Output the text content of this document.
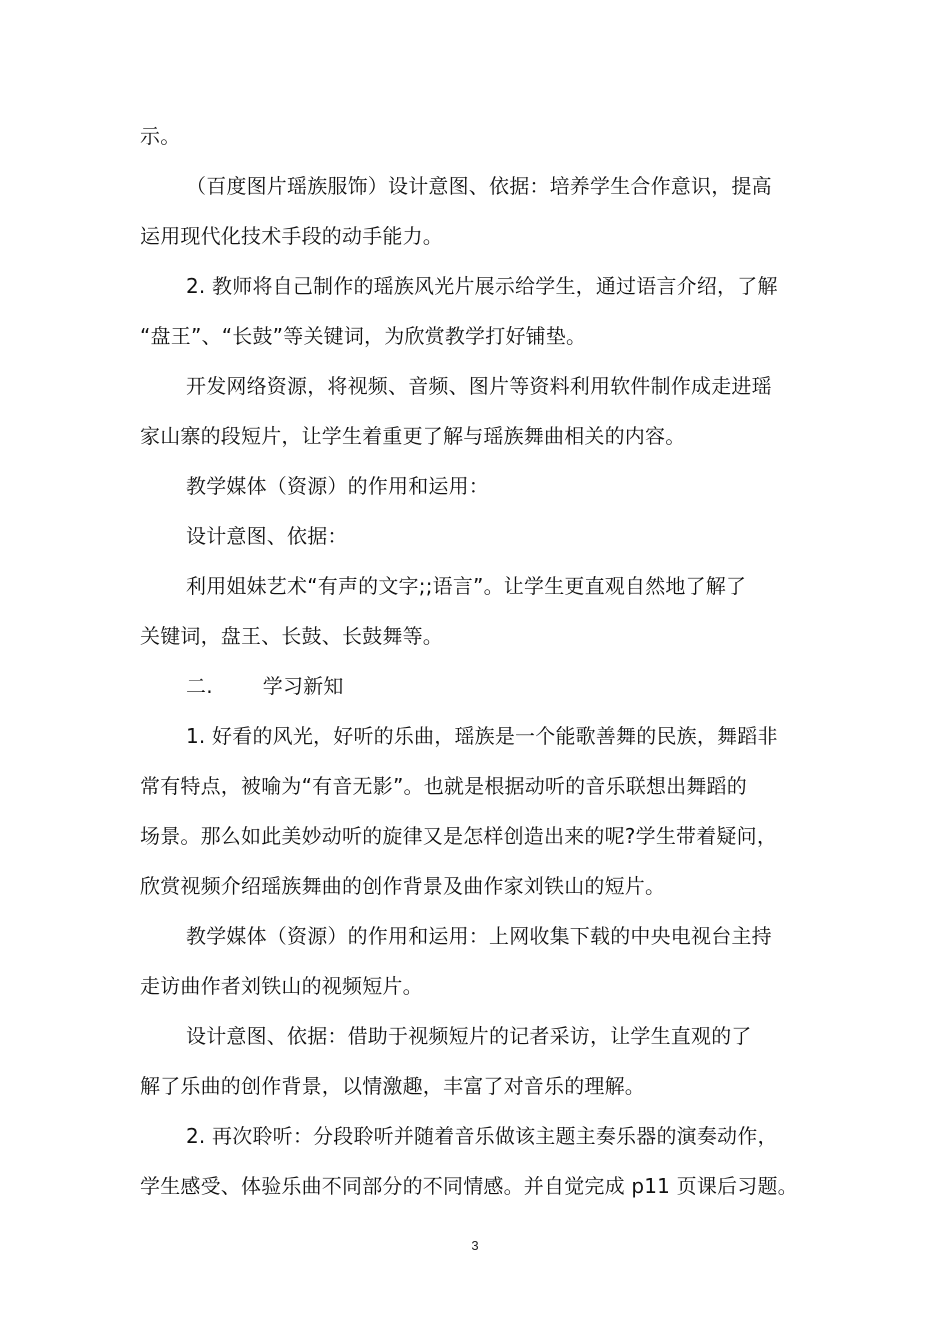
示。
（百度图片瑶族服饰）设计意图、依据：培养学生合作意识，提高
运用现代化技术手段的动手能力。
2. 教师将自己制作的瑶族风光片展示给学生，通过语言介绍，了解
“盘王”、“长鼓”等关键词，为欣赏教学打好铺垫。
开发网络资源，将视频、音频、图片等资料利用软件制作成走进瑶
家山寨的段短片，让学生着重更了解与瑶族舞曲相关的内容。
教学媒体（资源）的作用和运用：
设计意图、依据：
利用姐妹艺术“有声的文字;;语言”。让学生更直观自然地了解了
关键词，盘王、长鼓、长鼓舞等。
二.	学习新知
1. 好看的风光，好听的乐曲，瑶族是一个能歌善舞的民族，舞蹈非
常有特点，被喻为“有音无影”。也就是根据动听的音乐联想出舞蹈的
场景。那么如此美妙动听的旋律又是怎样创造出来的呢?学生带着疑问，
欣赏视频介绍瑶族舞曲的创作背景及曲作家刘铁山的短片。
教学媒体（资源）的作用和运用：上网收集下载的中央电视台主持
走访曲作者刘铁山的视频短片。
设计意图、依据：借助于视频短片的记者采访，让学生直观的了
解了乐曲的创作背景，以情激趣，丰富了对音乐的理解。
2. 再次聆听：分段聆听并随着音乐做该主题主奏乐器的演奏动作，
学生感受、体验乐曲不同部分的不同情感。并自觉完成 p11 页课后习题。
3
